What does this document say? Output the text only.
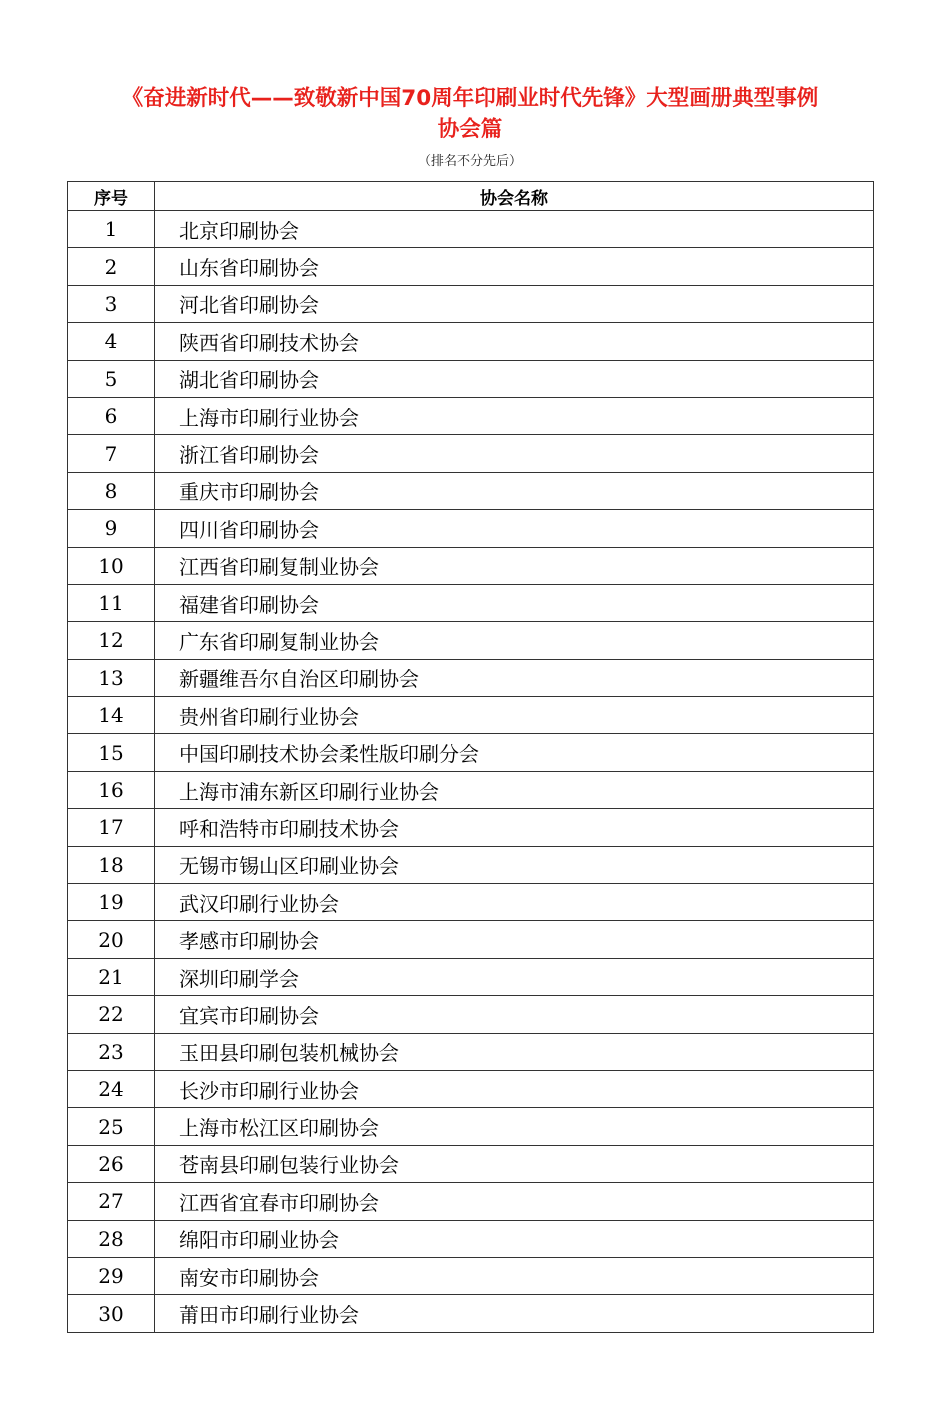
《奋进新时代——致敬新中国70周年印刷业时代先锋》大型画册典型事例
协会篇
（排名不分先后）
序号	协会名称
1	北京印刷协会
2	山东省印刷协会
3	河北省印刷协会
4	陕西省印刷技术协会
5	湖北省印刷协会
6	上海市印刷行业协会
7	浙江省印刷协会
8	重庆市印刷协会
9	四川省印刷协会
10	江西省印刷复制业协会
11	福建省印刷协会
12	广东省印刷复制业协会
13	新疆维吾尔自治区印刷协会
14	贵州省印刷行业协会
15	中国印刷技术协会柔性版印刷分会
16	上海市浦东新区印刷行业协会
17	呼和浩特市印刷技术协会
18	无锡市锡山区印刷业协会
19	武汉印刷行业协会
20	孝感市印刷协会
21	深圳印刷学会
22	宜宾市印刷协会
23	玉田县印刷包装机械协会
24	长沙市印刷行业协会
25	上海市松江区印刷协会
26	苍南县印刷包装行业协会
27	江西省宜春市印刷协会
28	绵阳市印刷业协会
29	南安市印刷协会
30	莆田市印刷行业协会
